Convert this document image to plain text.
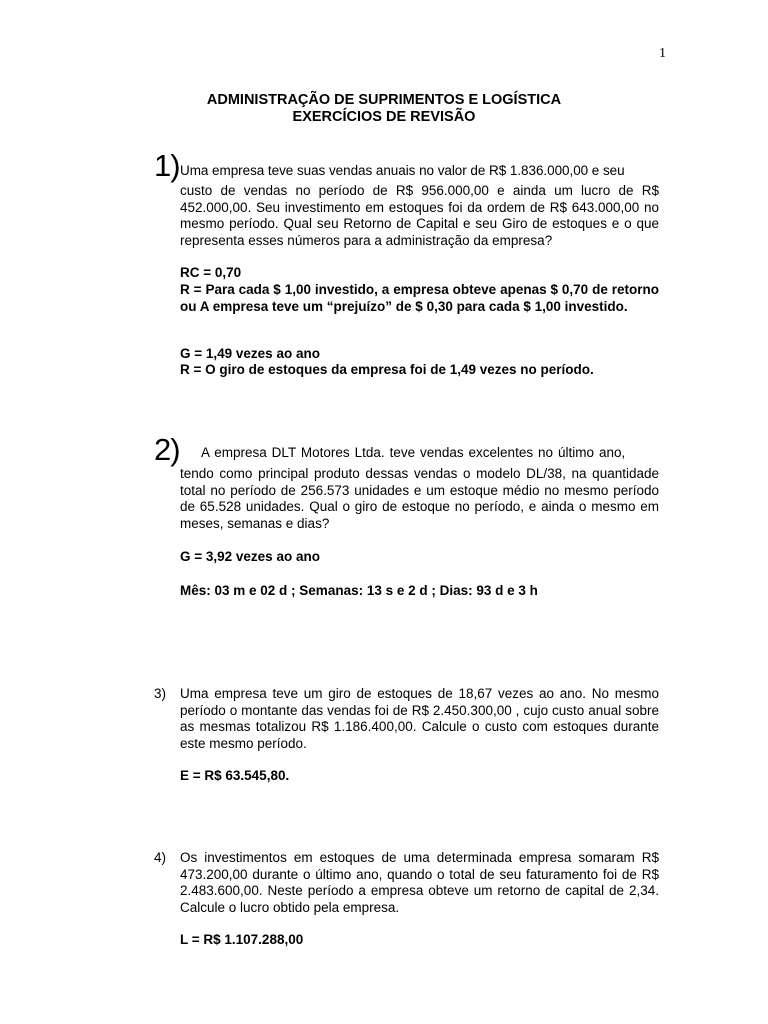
1
ADMINISTRAÇÃO DE SUPRIMENTOS E LOGÍSTICA
EXERCÍCIOS DE REVISÃO
1) Uma empresa teve suas vendas anuais no valor de R$ 1.836.000,00 e seu
custo de vendas no período de R$ 956.000,00 e ainda um lucro de R$ 452.000,00. Seu investimento em estoques foi da ordem de R$ 643.000,00 no mesmo período. Qual seu Retorno de Capital e seu Giro de estoques e o que representa esses números para a administração da empresa?
RC = 0,70
R = Para cada $ 1,00 investido, a empresa obteve apenas $ 0,70 de retorno ou A empresa teve um “prejuízo” de $ 0,30 para cada $ 1,00 investido.
G = 1,49 vezes ao ano
R = O giro de estoques da empresa foi de 1,49 vezes no período.
2) A empresa DLT Motores Ltda. teve vendas excelentes no último ano,
tendo como principal produto dessas vendas o modelo DL/38, na quantidade total no período de 256.573 unidades e um estoque médio no mesmo período de 65.528 unidades. Qual o giro de estoque no período, e ainda o mesmo em meses, semanas e dias?
G = 3,92 vezes ao ano
Mês: 03 m e 02 d ; Semanas: 13 s e 2 d ; Dias: 93 d e 3 h
3) Uma empresa teve um giro de estoques de 18,67 vezes ao ano. No mesmo período o montante das vendas foi de R$ 2.450.300,00 , cujo custo anual sobre as mesmas totalizou R$ 1.186.400,00. Calcule o custo com estoques durante este mesmo período.
E = R$ 63.545,80.
4) Os investimentos em estoques de uma determinada empresa somaram R$ 473.200,00 durante o último ano, quando o total de seu faturamento foi de R$ 2.483.600,00. Neste período a empresa obteve um retorno de capital de 2,34. Calcule o lucro obtido pela empresa.
L = R$ 1.107.288,00
